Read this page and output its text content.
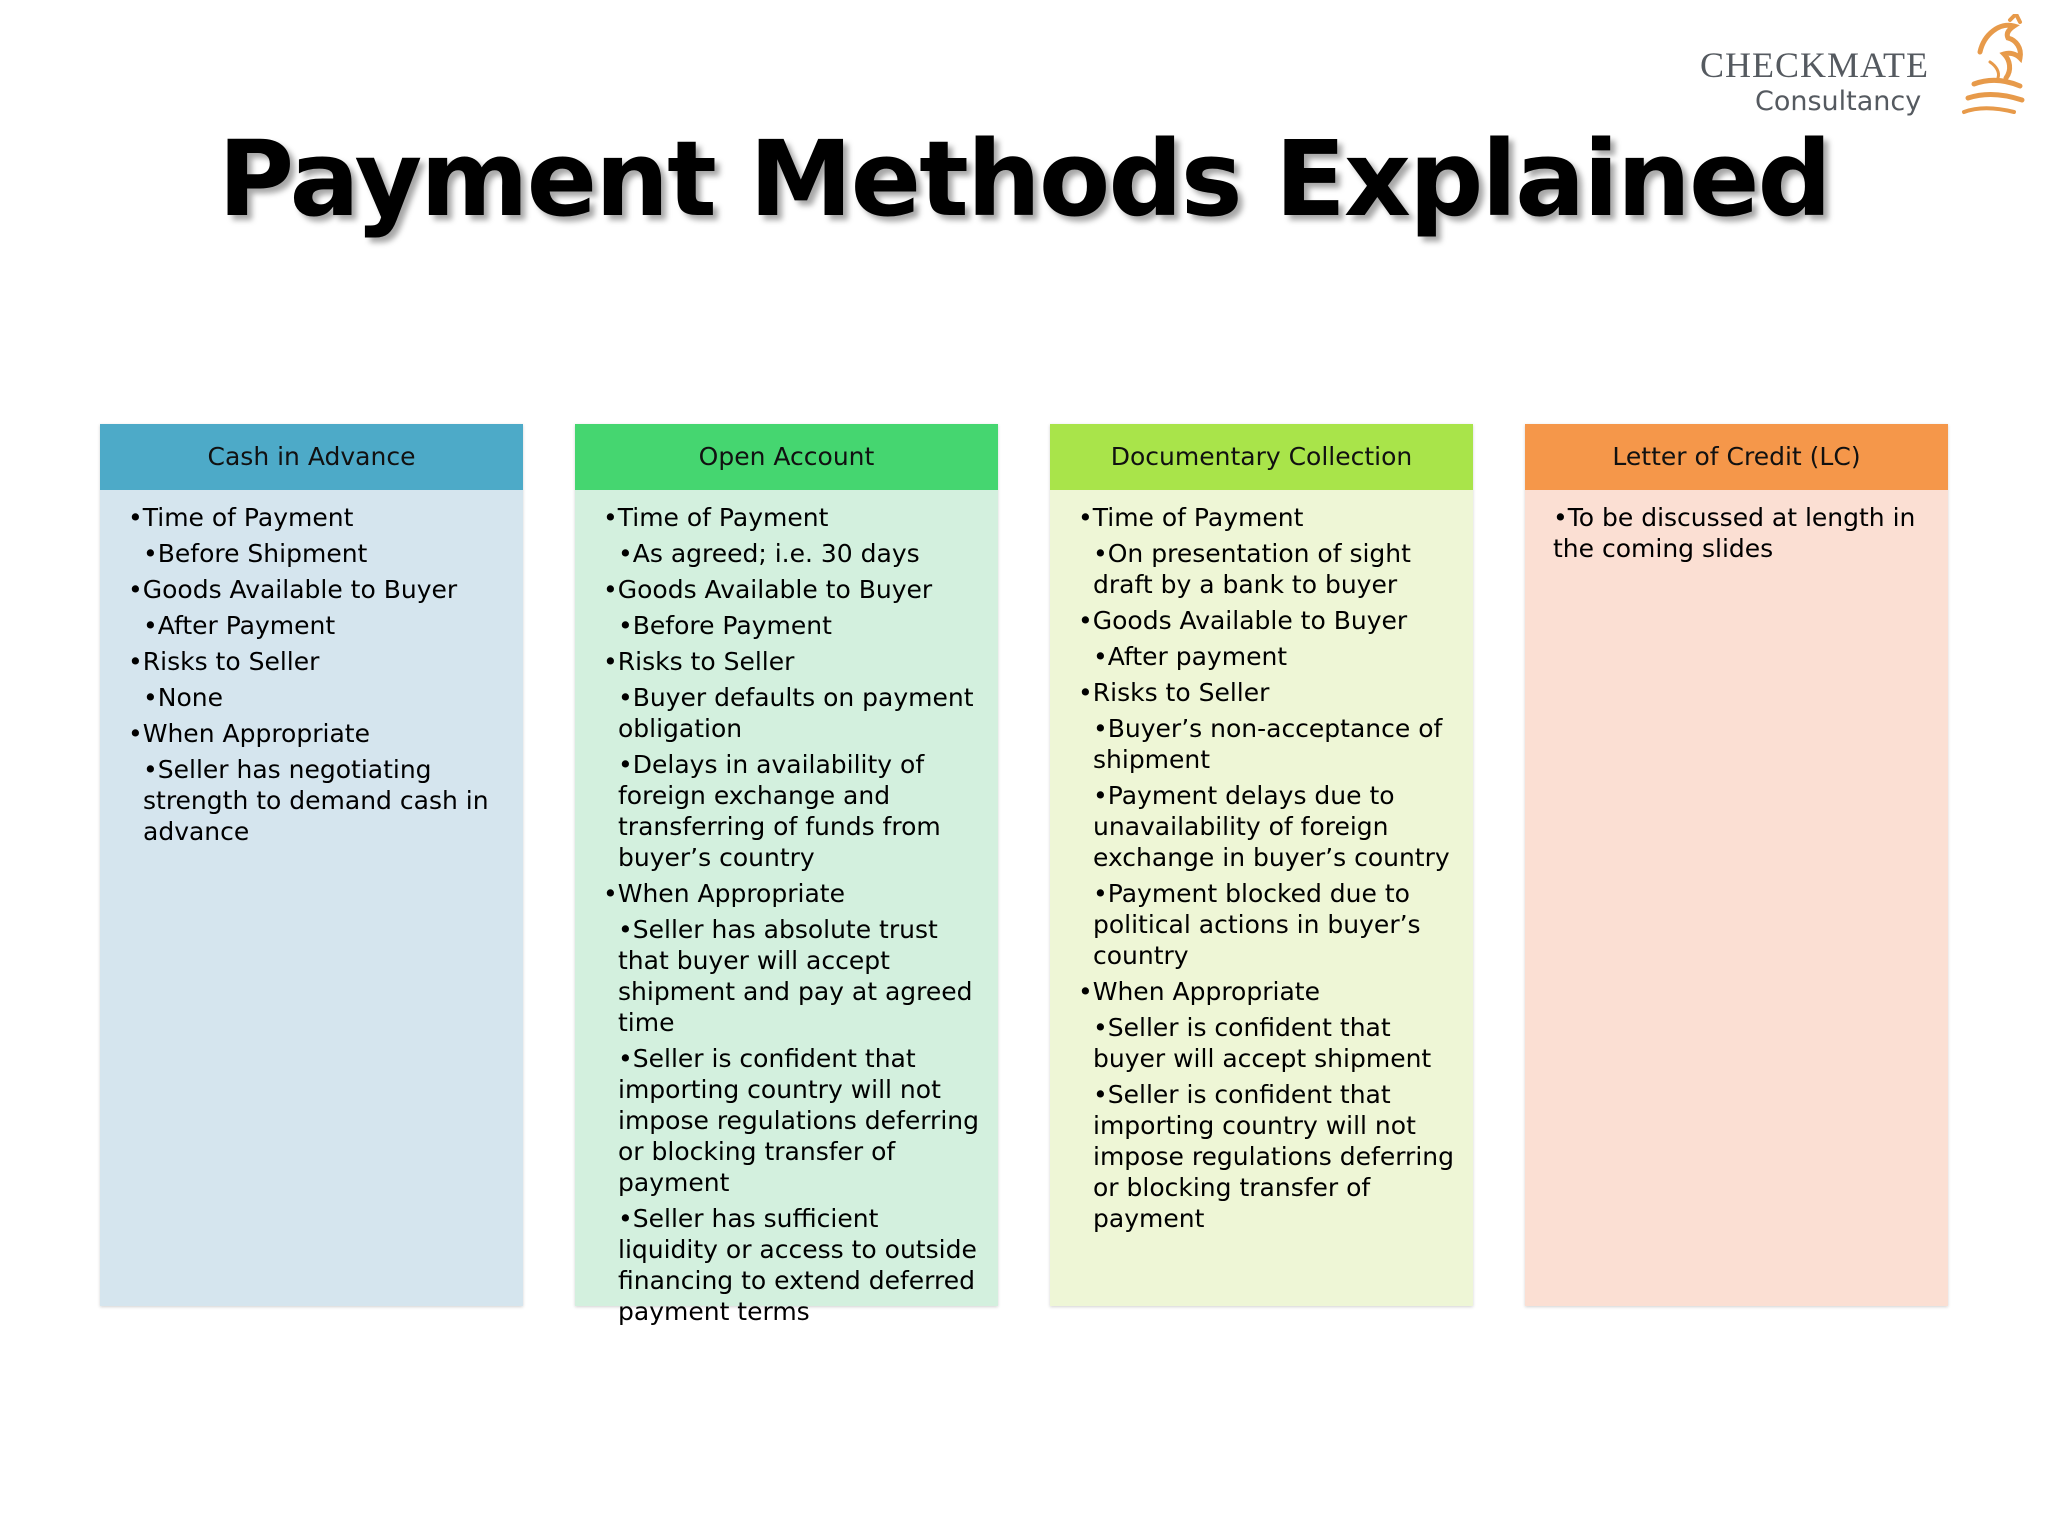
CHECKMATE
Consultancy
Payment Methods Explained
Cash in Advance
•Time of Payment
•Before Shipment
•Goods Available to Buyer
•After Payment
•Risks to Seller
•None
•When Appropriate
•Seller has negotiating strength to demand cash in advance
Open Account
•Time of Payment
•As agreed; i.e. 30 days
•Goods Available to Buyer
•Before Payment
•Risks to Seller
•Buyer defaults on payment obligation
•Delays in availability of foreign exchange and transferring of funds from buyer’s country
•When Appropriate
•Seller has absolute trust that buyer will accept shipment and pay at agreed time
•Seller is confident that importing country will not impose regulations deferring or blocking transfer of payment
•Seller has sufficient liquidity or access to outside financing to extend deferred payment terms
Documentary Collection
•Time of Payment
•On presentation of sight draft by a bank to buyer
•Goods Available to Buyer
•After payment
•Risks to Seller
•Buyer’s non-acceptance of shipment
•Payment delays due to unavailability of foreign exchange in buyer’s country
•Payment blocked due to political actions in buyer’s country
•When Appropriate
•Seller is confident that buyer will accept shipment
•Seller is confident that importing country will not impose regulations deferring or blocking transfer of payment
Letter of Credit (LC)
•To be discussed at length in the coming slides
